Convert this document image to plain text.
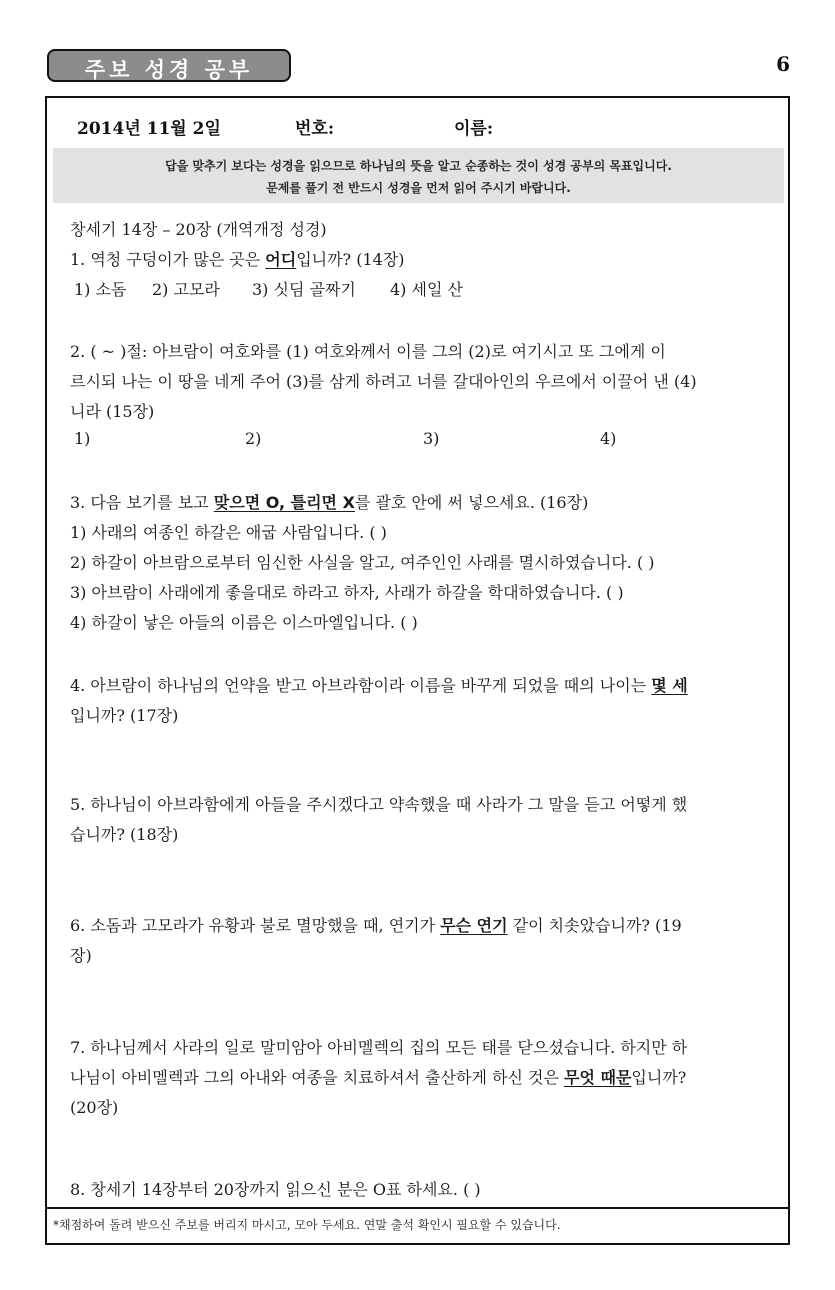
주보 성경 공부	6
2014년 11월 2일	번호:	이름:
답을 맞추기 보다는 성경을 읽으므로 하나님의 뜻을 알고 순종하는 것이 성경 공부의 목표입니다.
문제를 풀기 전 반드시 성경을 먼저 읽어 주시기 바랍니다.
창세기 14장 – 20장 (개역개정 성경)
1. 역청 구덩이가 많은 곳은 어디입니까? (14장)
1) 소돔 2) 고모라 3) 싯딤 골짜기 4) 세일 산
2. ( ~ )절: 아브람이 여호와를 (1) 여호와께서 이를 그의 (2)로 여기시고 또 그에게 이
르시되 나는 이 땅을 네게 주어 (3)를 삼게 하려고 너를 갈대아인의 우르에서 이끌어 낸 (4)
니라 (15장)
1)	2)	3)	4)
3. 다음 보기를 보고 맞으면 O, 틀리면 X를 괄호 안에 써 넣으세요. (16장)
1) 사래의 여종인 하갈은 애굽 사람입니다. ( )
2) 하갈이 아브람으로부터 임신한 사실을 알고, 여주인인 사래를 멸시하였습니다. ( )
3) 아브람이 사래에게 좋을대로 하라고 하자, 사래가 하갈을 학대하였습니다. ( )
4) 하갈이 낳은 아들의 이름은 이스마엘입니다. ( )
4. 아브람이 하나님의 언약을 받고 아브라함이라 이름을 바꾸게 되었을 때의 나이는 몇 세
입니까? (17장)
5. 하나님이 아브라함에게 아들을 주시겠다고 약속했을 때 사라가 그 말을 듣고 어떻게 했
습니까? (18장)
6. 소돔과 고모라가 유황과 불로 멸망했을 때, 연기가 무슨 연기 같이 치솟았습니까? (19
장)
7. 하나님께서 사라의 일로 말미암아 아비멜렉의 집의 모든 태를 닫으셨습니다. 하지만 하
나님이 아비멜렉과 그의 아내와 여종을 치료하셔서 출산하게 하신 것은 무엇 때문입니까?
(20장)
8. 창세기 14장부터 20장까지 읽으신 분은 O표 하세요. ( )
*채점하여 돌려 받으신 주보를 버리지 마시고, 모아 두세요. 연말 출석 확인시 필요할 수 있습니다.
